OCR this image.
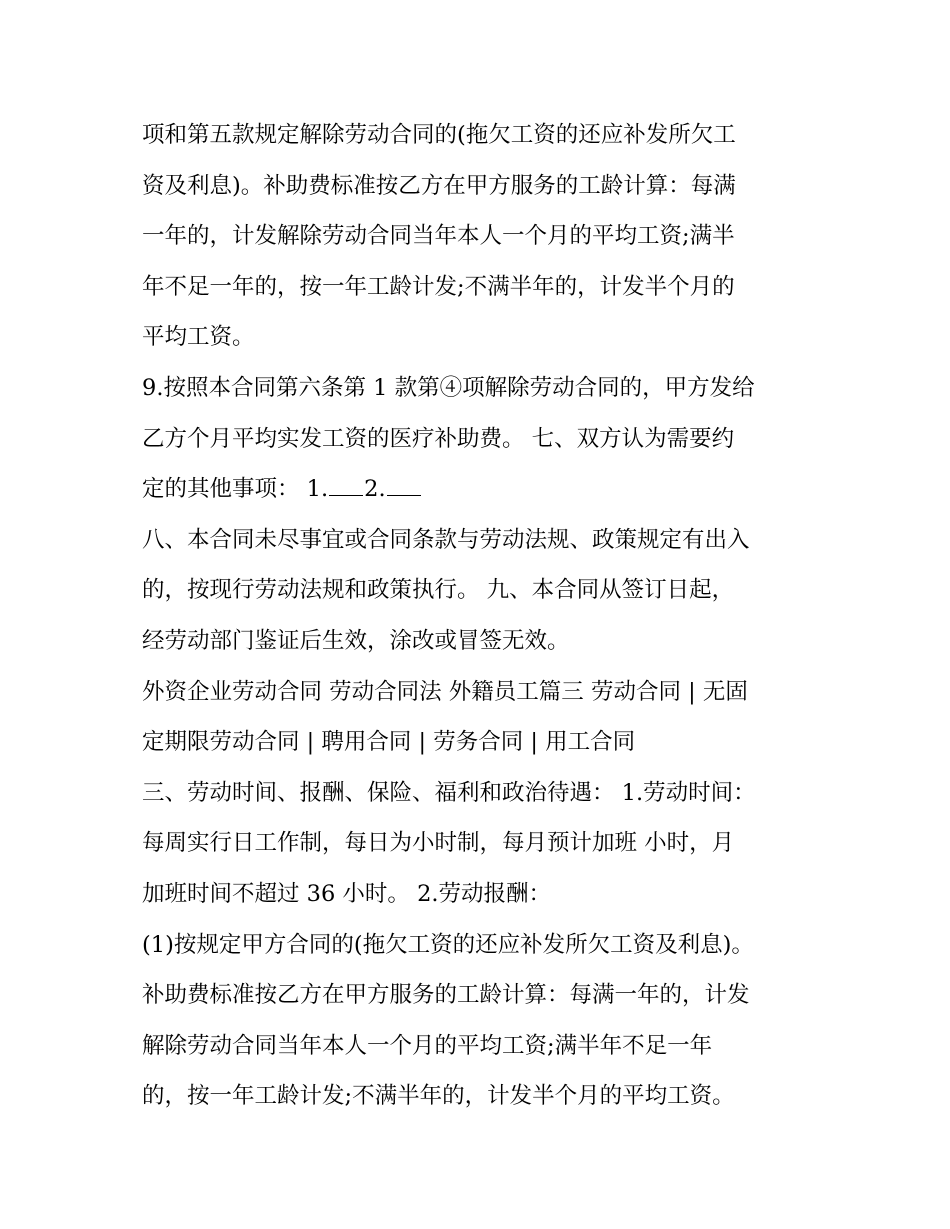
项和第五款规定解除劳动合同的(拖欠工资的还应补发所欠工
资及利息)。补助费标准按乙方在甲方服务的工龄计算：每满
一年的，计发解除劳动合同当年本人一个月的平均工资;满半
年不足一年的，按一年工龄计发;不满半年的，计发半个月的
平均工资。
9.按照本合同第六条第 1 款第④项解除劳动合同的，甲方发给
乙方个月平均实发工资的医疗补助费。 七、双方认为需要约
定的其他事项： 1. 2.
八、本合同未尽事宜或合同条款与劳动法规、政策规定有出入
的，按现行劳动法规和政策执行。 九、本合同从签订日起，
经劳动部门鉴证后生效，涂改或冒签无效。
外资企业劳动合同 劳动合同法 外籍员工篇三 劳动合同 | 无固
定期限劳动合同 | 聘用合同 | 劳务合同 | 用工合同
三、劳动时间、报酬、保险、福利和政治待遇： 1.劳动时间：
每周实行日工作制，每日为小时制，每月预计加班 小时，月
加班时间不超过 36 小时。 2.劳动报酬：
(1)按规定甲方合同的(拖欠工资的还应补发所欠工资及利息)。
补助费标准按乙方在甲方服务的工龄计算：每满一年的，计发
解除劳动合同当年本人一个月的平均工资;满半年不足一年
的，按一年工龄计发;不满半年的，计发半个月的平均工资。
